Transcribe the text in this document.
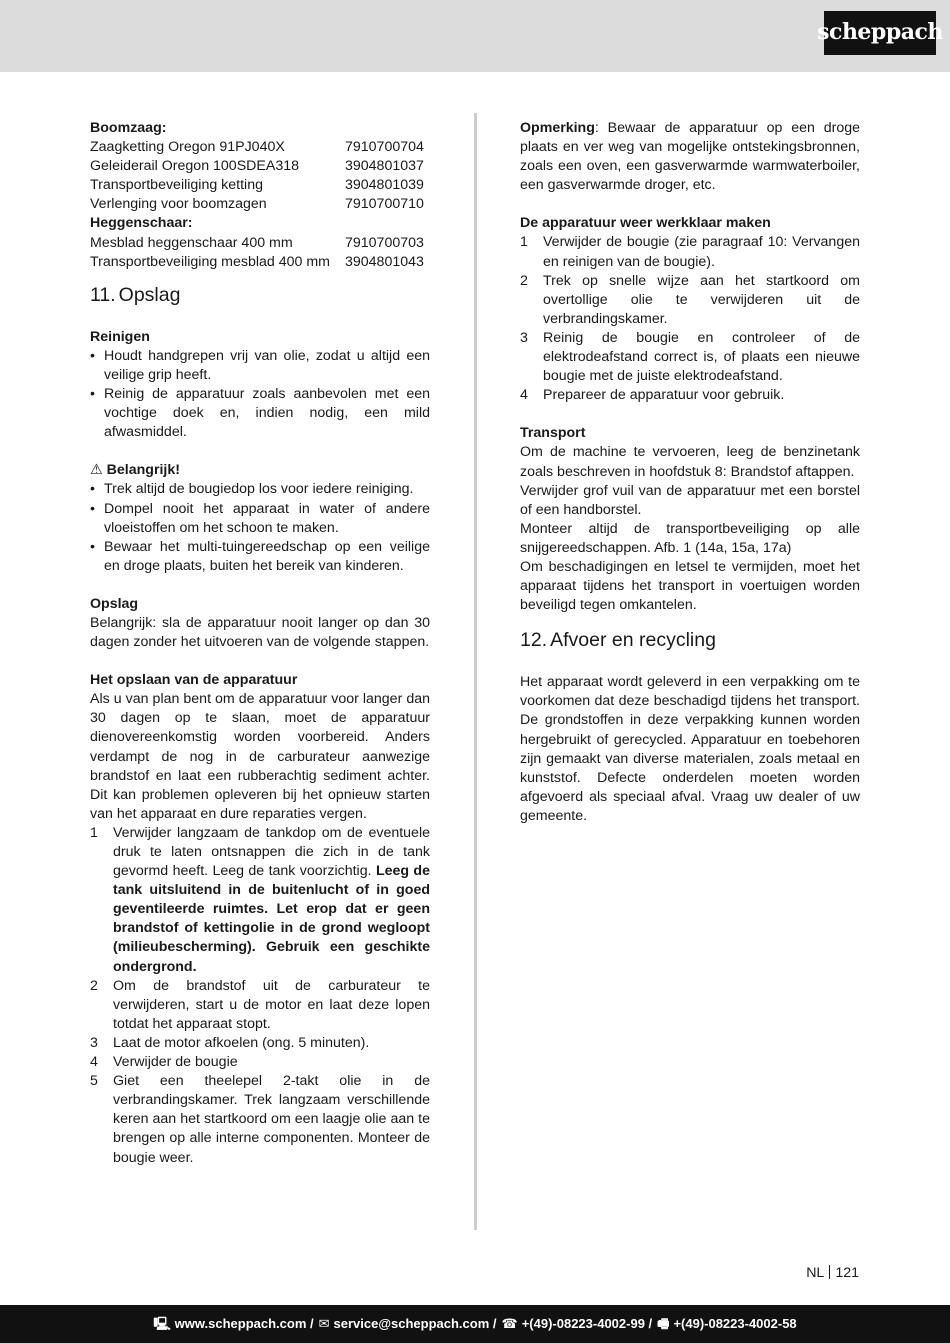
scheppach

Boomzaag:

Zaagketting Oregon 91PJ040X	7910700704
Geleiderail Oregon 100SDEA318	3904801037
Transportbeveiliging ketting	3904801039
Verlenging voor boomzagen	7910700710

Heggenschaar:

Mesblad heggenschaar 400 mm	7910700703
Transportbeveiliging mesblad 400 mm	3904801043
11. Opslag

Reinigen

• Houdt handgrepen vrij van olie, zodat u altijd een veilige grip heeft.
• Reinig de apparatuur zoals aanbevolen met een vochtige doek en, indien nodig, een mild afwasmiddel.

⚠ Belangrijk!

• Trek altijd de bougiedop los voor iedere reiniging.
• Dompel nooit het apparaat in water of andere vloeistoffen om het schoon te maken.
• Bewaar het multi-tuingereedschap op een veilige en droge plaats, buiten het bereik van kinderen.

Opslag

Belangrijk: sla de apparatuur nooit langer op dan 30 dagen zonder het uitvoeren van de volgende stappen.

Het opslaan van de apparatuur

Als u van plan bent om de apparatuur voor langer dan 30 dagen op te slaan, moet de apparatuur dienovereenkomstig worden voorbereid. Anders verdampt de nog in de carburateur aanwezige brandstof en laat een rubberachtig sediment achter. Dit kan problemen opleveren bij het opnieuw starten van het apparaat en dure reparaties vergen.

1	Verwijder langzaam de tankdop om de eventuele druk te laten ontsnappen die zich in de tank gevormd heeft. Leeg de tank voorzichtig. Leeg de tank uitsluitend in de buitenlucht of in goed geventileerde ruimtes. Let erop dat er geen brandstof of kettingolie in de grond wegloopt (milieubescherming). Gebruik een geschikte ondergrond.
2	Om de brandstof uit de carburateur te verwijderen, start u de motor en laat deze lopen totdat het apparaat stopt.
3	Laat de motor afkoelen (ong. 5 minuten).
4	Verwijder de bougie
5	Giet een theelepel 2-takt olie in de verbrandingskamer. Trek langzaam verschillende keren aan het startkoord om een laagje olie aan te brengen op alle interne componenten. Monteer de bougie weer.

Opmerking: Bewaar de apparatuur op een droge plaats en ver weg van mogelijke ontstekingsbronnen, zoals een oven, een gasverwarmde warmwaterboiler, een gasverwarmde droger, etc.

De apparatuur weer werkklaar maken

1	Verwijder de bougie (zie paragraaf 10: Vervangen en reinigen van de bougie).
2	Trek op snelle wijze aan het startkoord om overtollige olie te verwijderen uit de verbrandingskamer.
3	Reinig de bougie en controleer of de elektrodeafstand correct is, of plaats een nieuwe bougie met de juiste elektrodeafstand.
4	Prepareer de apparatuur voor gebruik.

Transport

Om de machine te vervoeren, leeg de benzinetank zoals beschreven in hoofdstuk 8: Brandstof aftappen.

Verwijder grof vuil van de apparatuur met een borstel of een handborstel.

Monteer altijd de transportbeveiliging op alle snijgereedschappen. Afb. 1 (14a, 15a, 17a)

Om beschadigingen en letsel te vermijden, moet het apparaat tijdens het transport in voertuigen worden beveiligd tegen omkantelen.

12. Afvoer en recycling

Het apparaat wordt geleverd in een verpakking om te voorkomen dat deze beschadigd tijdens het transport. De grondstoffen in deze verpakking kunnen worden hergebruikt of gerecycled. Apparatuur en toebehoren zijn gemaakt van diverse materialen, zoals metaal en kunststof. Defecte onderdelen moeten worden afgevoerd als speciaal afval. Vraag uw dealer of uw gemeente.

NL 121
🖳 www.scheppach.com / ✉ service@scheppach.com / ☎ +(49)-08223-4002-99 / 🖷 +(49)-08223-4002-58
